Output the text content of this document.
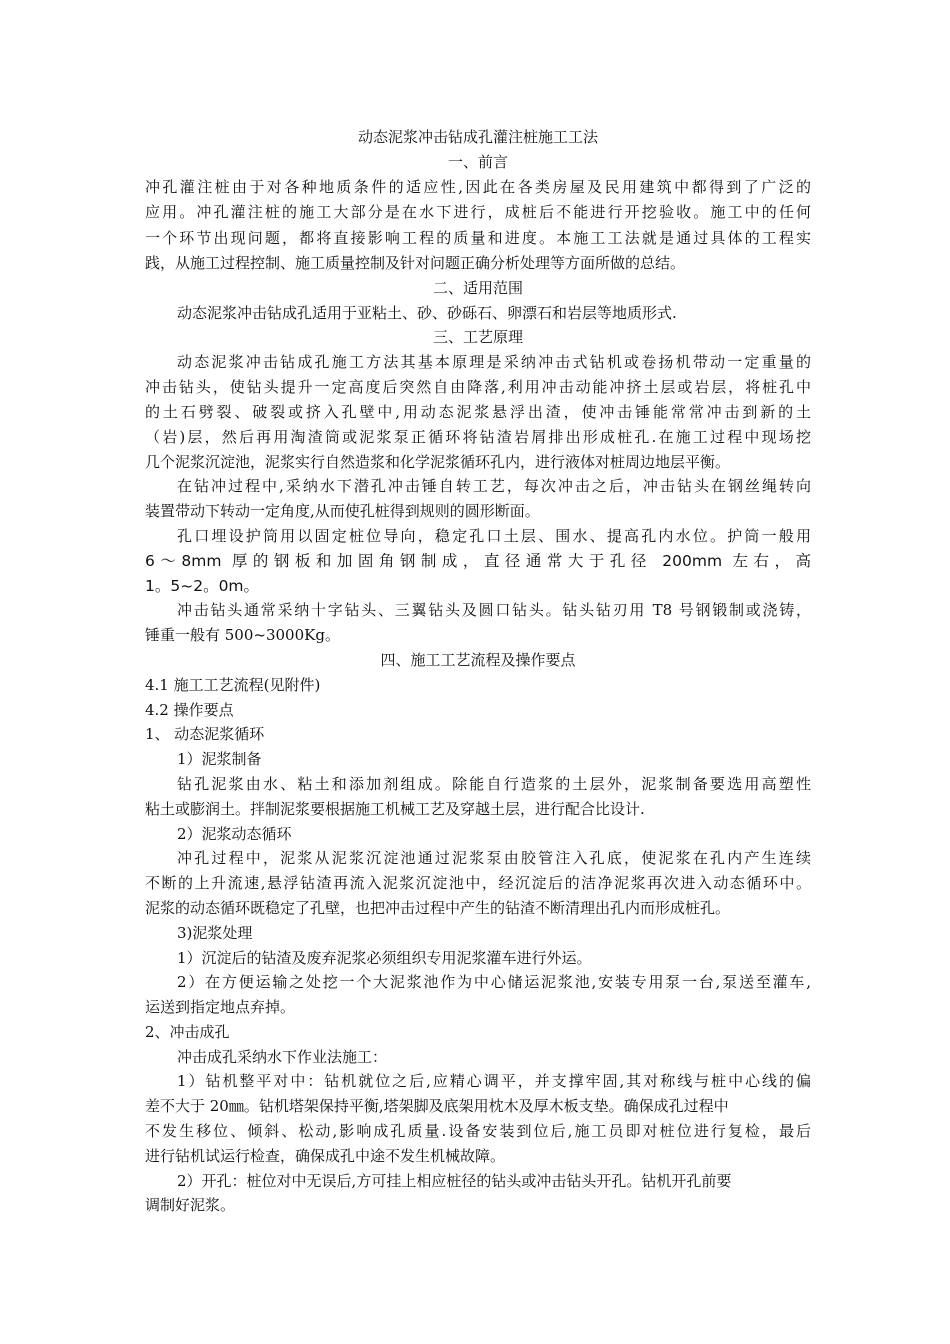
动态泥浆冲击钻成孔灌注桩施工工法
一、前言
冲孔灌注桩由于对各种地质条件的适应性,因此在各类房屋及民用建筑中都得到了广泛的
应用。冲孔灌注桩的施工大部分是在水下进行，成桩后不能进行开挖验收。施工中的任何
一个环节出现问题，都将直接影响工程的质量和进度。本施工工法就是通过具体的工程实
践，从施工过程控制、施工质量控制及针对问题正确分析处理等方面所做的总结。
二、适用范围
动态泥浆冲击钻成孔适用于亚粘土、砂、砂砾石、卵漂石和岩层等地质形式.
三、工艺原理
动态泥浆冲击钻成孔施工方法其基本原理是采纳冲击式钻机或卷扬机带动一定重量的
冲击钻头，使钻头提升一定高度后突然自由降落,利用冲击动能冲挤土层或岩层，将桩孔中
的土石劈裂、破裂或挤入孔壁中,用动态泥浆悬浮出渣，使冲击锤能常常冲击到新的土
（岩)层，然后再用淘渣筒或泥浆泵正循环将钻渣岩屑排出形成桩孔.在施工过程中现场挖
几个泥浆沉淀池，泥浆实行自然造浆和化学泥浆循环孔内，进行液体对桩周边地层平衡。
在钻冲过程中,采纳水下潜孔冲击锤自转工艺，每次冲击之后，冲击钻头在钢丝绳转向
装置带动下转动一定角度,从而使孔桩得到规则的圆形断面。
孔口埋设护筒用以固定桩位导向，稳定孔口土层、围水、提高孔内水位。护筒一般用
6～8mm 厚的钢板和加固角钢制成，直径通常大于孔径 200mm 左右，高
1。5~2。0m。
冲击钻头通常采纳十字钻头、三翼钻头及圆口钻头。钻头钻刃用 T8 号钢锻制或浇铸，
锤重一般有 500~3000Kg。
四、施工工艺流程及操作要点
4.1 施工工艺流程(见附件)
4.2 操作要点
1、 动态泥浆循环
1）泥浆制备
钻孔泥浆由水、粘土和添加剂组成。除能自行造浆的土层外，泥浆制备要选用高塑性
粘土或膨润土。拌制泥浆要根据施工机械工艺及穿越土层，进行配合比设计.
2）泥浆动态循环
冲孔过程中，泥浆从泥浆沉淀池通过泥浆泵由胶管注入孔底，使泥浆在孔内产生连续
不断的上升流速,悬浮钻渣再流入泥浆沉淀池中，经沉淀后的洁净泥浆再次进入动态循环中。
泥浆的动态循环既稳定了孔壁，也把冲击过程中产生的钻渣不断清理出孔内而形成桩孔。
3)泥浆处理
1）沉淀后的钻渣及废弃泥浆必须组织专用泥浆灌车进行外运。
2）在方便运输之处挖一个大泥浆池作为中心储运泥浆池,安装专用泵一台,泵送至灌车,
运送到指定地点弃掉。
2、冲击成孔
冲击成孔采纳水下作业法施工：
1）钻机整平对中：钻机就位之后,应精心调平，并支撑牢固,其对称线与桩中心线的偏
差不大于 20㎜。钻机塔架保持平衡,塔架脚及底架用枕木及厚木板支垫。确保成孔过程中
不发生移位、倾斜、松动,影响成孔质量.设备安装到位后,施工员即对桩位进行复检，最后
进行钻机试运行检查，确保成孔中途不发生机械故障。
2）开孔：桩位对中无误后,方可挂上相应桩径的钻头或冲击钻头开孔。钻机开孔前要
调制好泥浆。
